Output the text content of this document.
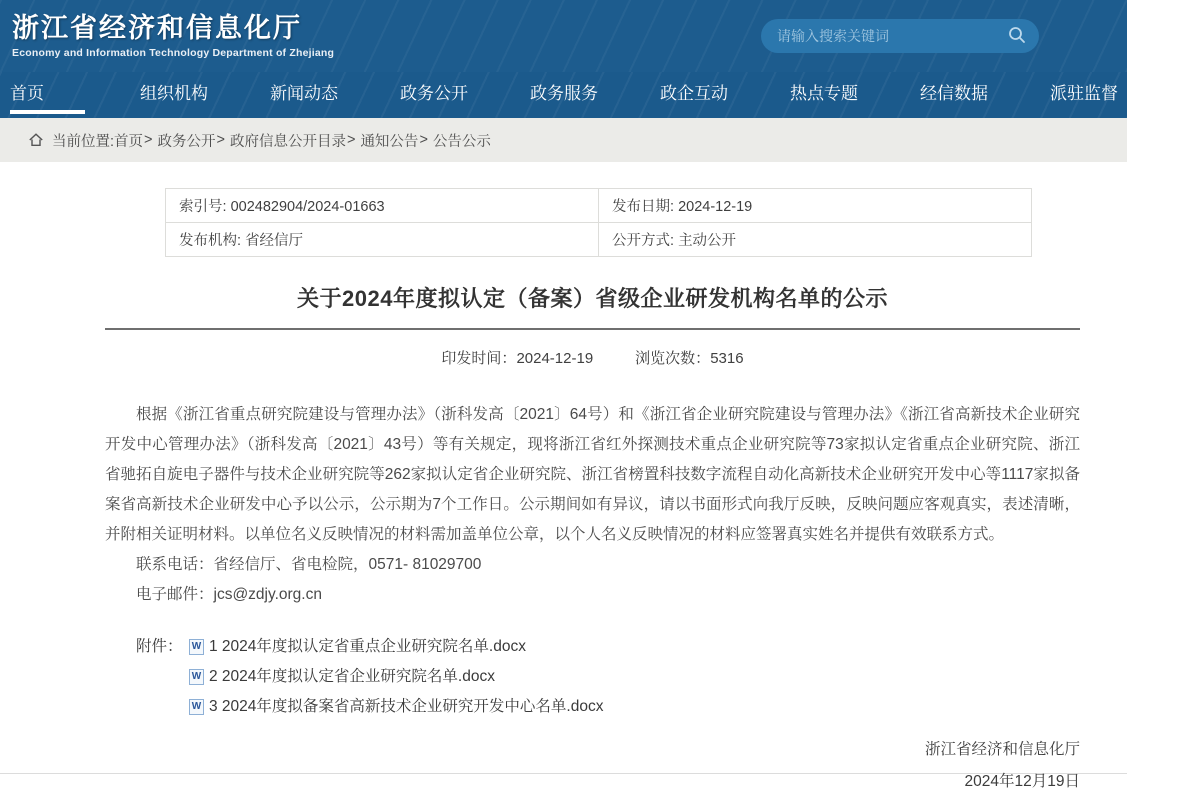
浙江省经济和信息化厅
Economy and Information Technology Department of Zhejiang
请输入搜索关键词
首页	组织机构	新闻动态	政务公开	政务服务	政企互动	热点专题	经信数据	派驻监督
当前位置: 首页 > 政务公开 > 政府信息公开目录 > 通知公告 > 公告公示
索引号: 002482904/2024-01663	发布日期: 2024-12-19
发布机构: 省经信厅	公开方式: 主动公开
关于2024年度拟认定（备案）省级企业研发机构名单的公示
印发时间：2024-12-19	浏览次数：5316

根据《浙江省重点研究院建设与管理办法》（浙科发高〔2021〕64号）和《浙江省企业研究院建设与管理办法》《浙江省高新技术企业研究开发中心管理办法》（浙科发高〔2021〕43号）等有关规定，现将浙江省红外探测技术重点企业研究院等73家拟认定省重点企业研究院、浙江省驰拓自旋电子器件与技术企业研究院等262家拟认定省企业研究院、浙江省榜置科技数字流程自动化高新技术企业研究开发中心等1117家拟备案省高新技术企业研发中心予以公示，公示期为7个工作日。公示期间如有异议，请以书面形式向我厅反映，反映问题应客观真实，表述清晰，并附相关证明材料。以单位名义反映情况的材料需加盖单位公章，以个人名义反映情况的材料应签署真实姓名并提供有效联系方式。

联系电话：省经信厅、省电检院，0571- 81029700

电子邮件：jcs@zdjy.org.cn

附件： W 1 2024年度拟认定省重点企业研究院名单.docx
W 2 2024年度拟认定省企业研究院名单.docx
W 3 2024年度拟备案省高新技术企业研究开发中心名单.docx
浙江省经济和信息化厅
2024年12月19日
